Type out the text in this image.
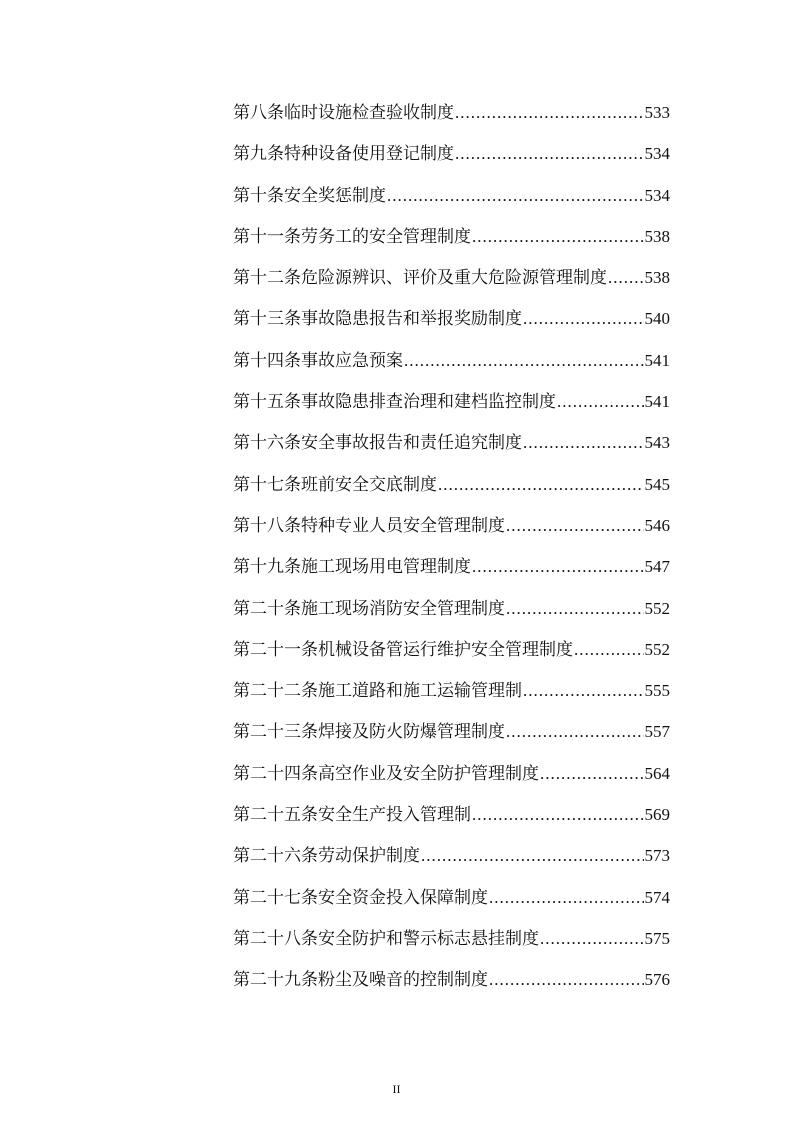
第八条临时设施检查验收制度 .....	533
第九条特种设备使用登记制度 .....	534
第十条安全奖惩制度 .....	534
第十一条劳务工的安全管理制度 .....	538
第十二条危险源辨识、评价及重大危险源管理制度 ..... 538
第十三条事故隐患报告和举报奖励制度 .....	540
第十四条事故应急预案 .....	541
第十五条事故隐患排查治理和建档监控制度 .....	541
第十六条安全事故报告和责任追究制度 .....	543
第十七条班前安全交底制度 .....	545
第十八条特种专业人员安全管理制度 .....	546
第十九条施工现场用电管理制度 .....	547
第二十条施工现场消防安全管理制度 .....	552
第二十一条机械设备管运行维护安全管理制度 .....	552
第二十二条施工道路和施工运输管理制 .....	555
第二十三条焊接及防火防爆管理制度 .....	557
第二十四条高空作业及安全防护管理制度 .....	564
第二十五条安全生产投入管理制 .....	569
第二十六条劳动保护制度 .....	573
第二十七条安全资金投入保障制度 .....	574
第二十八条安全防护和警示标志悬挂制度 .....	575
第二十九条粉尘及噪音的控制制度 .....	576
II
